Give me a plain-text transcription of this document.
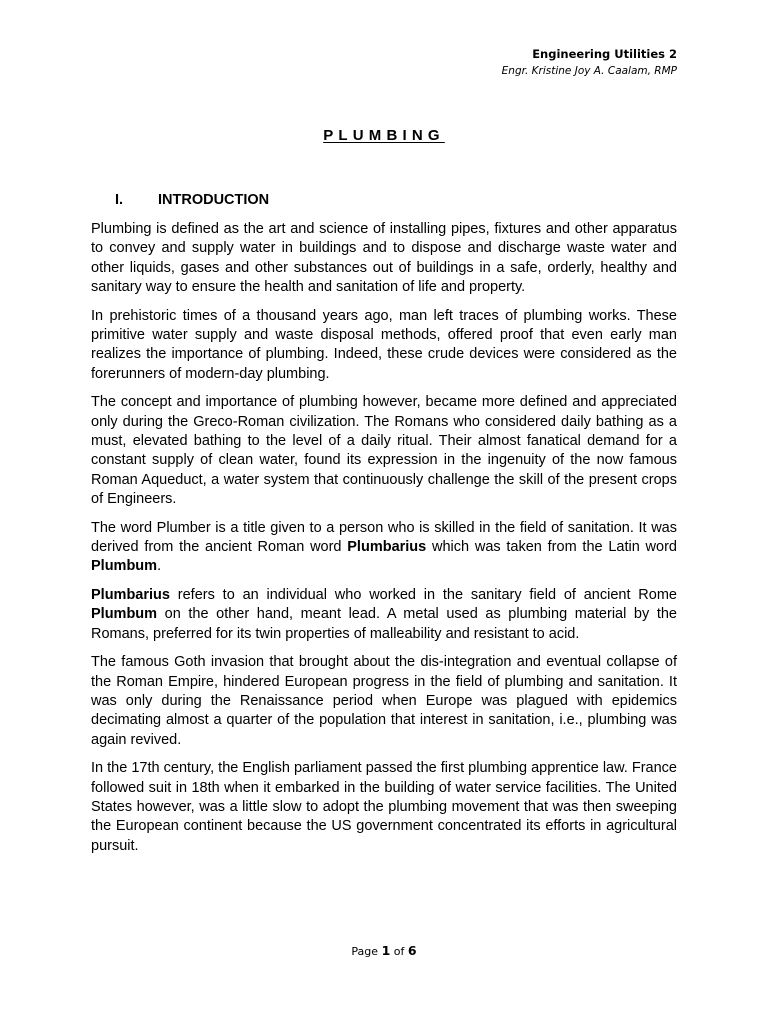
Engineering Utilities 2
Engr. Kristine Joy A. Caalam, RMP
PLUMBING
I. INTRODUCTION

Plumbing is defined as the art and science of installing pipes, fixtures and other apparatus to convey and supply water in buildings and to dispose and discharge waste water and other liquids, gases and other substances out of buildings in a safe, orderly, healthy and sanitary way to ensure the health and sanitation of life and property.

In prehistoric times of a thousand years ago, man left traces of plumbing works. These primitive water supply and waste disposal methods, offered proof that even early man realizes the importance of plumbing. Indeed, these crude devices were considered as the forerunners of modern-day plumbing.

The concept and importance of plumbing however, became more defined and appreciated only during the Greco-Roman civilization. The Romans who considered daily bathing as a must, elevated bathing to the level of a daily ritual. Their almost fanatical demand for a constant supply of clean water, found its expression in the ingenuity of the now famous Roman Aqueduct, a water system that continuously challenge the skill of the present crops of Engineers.

The word Plumber is a title given to a person who is skilled in the field of sanitation. It was derived from the ancient Roman word Plumbarius which was taken from the Latin word Plumbum.

Plumbarius refers to an individual who worked in the sanitary field of ancient Rome Plumbum on the other hand, meant lead. A metal used as plumbing material by the Romans, preferred for its twin properties of malleability and resistant to acid.

The famous Goth invasion that brought about the dis-integration and eventual collapse of the Roman Empire, hindered European progress in the field of plumbing and sanitation. It was only during the Renaissance period when Europe was plagued with epidemics decimating almost a quarter of the population that interest in sanitation, i.e., plumbing was again revived.

In the 17th century, the English parliament passed the first plumbing apprentice law. France followed suit in 18th when it embarked in the building of water service facilities. The United States however, was a little slow to adopt the plumbing movement that was then sweeping the European continent because the US government concentrated its efforts in agricultural pursuit.

Page 1 of 6
